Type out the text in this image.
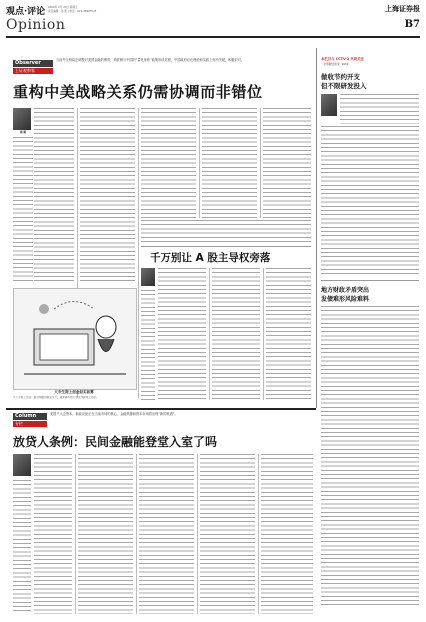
观点·评论 2009年 2月 20日 星期五
责任编辑：孙 凯 | 电话：021-38967525	上海证券报
Opinion	B7
Observer
上证观察家
当前外交格局正调整对美国金融的博弈，美联储与中国的“量化宽松”政策形成对照，中国政府应在理论和实践上有所突破，积极应对。
重构中美战略关系仍需协调而非错位
施 刚
大专生网上创业如实如雾
大专生网上创业：面对残酷的就业压力，越来越多的大学生选择网上创业。
千万别让 A 股主导权旁落
本栏目与 CCTV-2 共同关注
《全球财经连线》2009
做收节约开支
但不限研发投入
地方财政矛盾突出
发债难形风险难料
Column
专栏
美国千人会资本，新政议论正在当前市场的核心，金融风暴和资本市场将出现“新的机遇”。
放贷人条例：民间金融能登堂入室了吗
